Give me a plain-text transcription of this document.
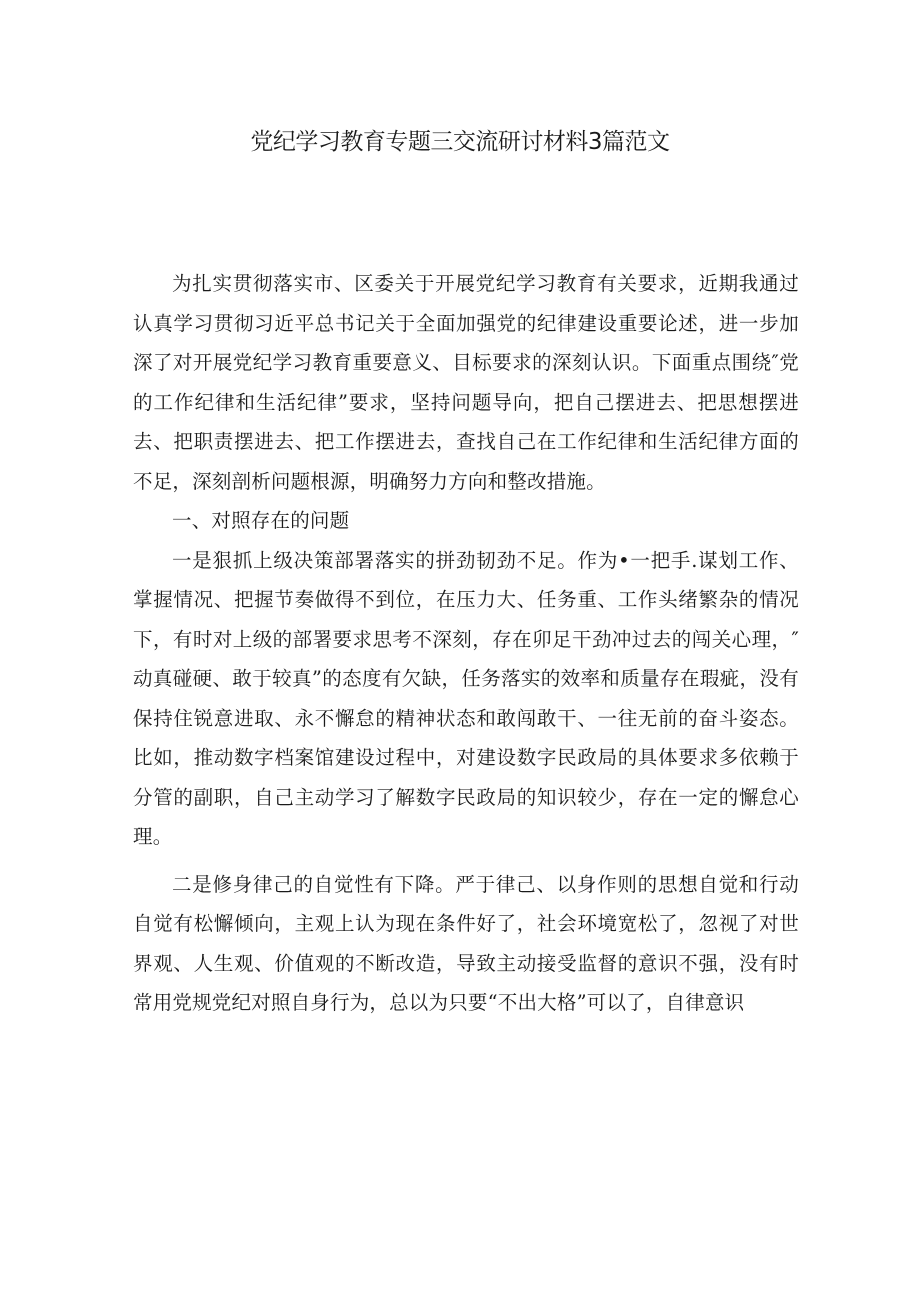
党纪学习教育专题三交流研讨材料3篇范文

为扎实贯彻落实市、区委关于开展党纪学习教育有关要求，近期我通过认真学习贯彻习近平总书记关于全面加强党的纪律建设重要论述，进一步加深了对开展党纪学习教育重要意义、目标要求的深刻认识。下面重点围绕″党的工作纪律和生活纪律”要求，坚持问题导向，把自己摆进去、把思想摆进去、把职责摆进去、把工作摆进去，查找自己在工作纪律和生活纪律方面的不足，深刻剖析问题根源，明确努力方向和整改措施。

一、对照存在的问题

一是狠抓上级决策部署落实的拼劲韧劲不足。作为•一把手.谋划工作、掌握情况、把握节奏做得不到位，在压力大、任务重、工作头绪繁杂的情况下，有时对上级的部署要求思考不深刻，存在卯足干劲冲过去的闯关心理，″动真碰硬、敢于较真”的态度有欠缺，任务落实的效率和质量存在瑕疵，没有保持住锐意进取、永不懈怠的精神状态和敢闯敢干、一往无前的奋斗姿态。比如，推动数字档案馆建设过程中，对建设数字民政局的具体要求多依赖于分管的副职，自己主动学习了解数字民政局的知识较少，存在一定的懈怠心理。

二是修身律己的自觉性有下降。严于律己、以身作则的思想自觉和行动自觉有松懈倾向，主观上认为现在条件好了，社会环境宽松了，忽视了对世界观、人生观、价值观的不断改造，导致主动接受监督的意识不强，没有时常用党规党纪对照自身行为，总以为只要“不出大格”可以了，自律意识
